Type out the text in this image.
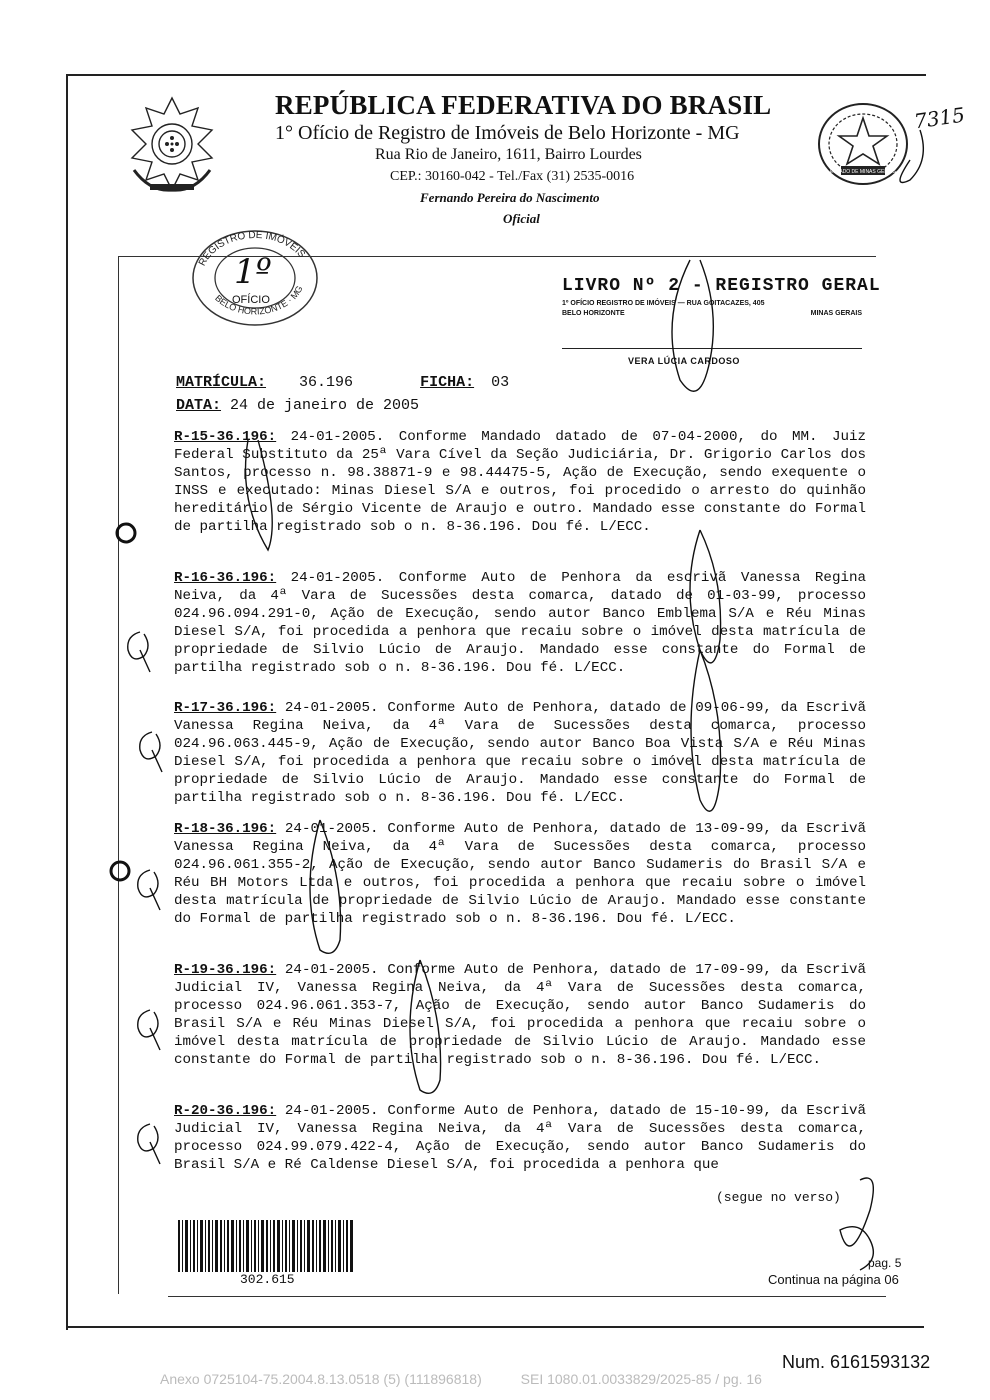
REPÚBLICA FEDERATIVA DO BRASIL
1° Ofício de Registro de Imóveis de Belo Horizonte - MG
Rua Rio de Janeiro, 1611, Bairro Lourdes
CEP.: 30160-042 - Tel./Fax (31) 2535-0016
Fernando Pereira do Nascimento
Oficial
ESTADO DE MINAS GERAIS
7315
REGISTRO DE IMÓVEIS
BELO HORIZONTE · MG
1º
OFÍCIO
LIVRO Nº 2 - REGISTRO GERAL
1º OFÍCIO REGISTRO DE IMÓVEIS — RUA GOITACAZES, 405
BELO HORIZONTE	MINAS GERAIS
VERA LÚCIA CARDOSO
MATRÍCULA: 36.196	FICHA: 03
DATA: 24 de janeiro de 2005
R-15-36.196: 24-01-2005. Conforme Mandado datado de 07-04-2000, do MM. Juiz Federal Substituto da 25ª Vara Cível da Seção Judiciária, Dr. Grigorio Carlos dos Santos, processo n. 98.38871-9 e 98.44475-5, Ação de Execução, sendo exequente o INSS e executado: Minas Diesel S/A e outros, foi procedido o arresto do quinhão hereditário de Sérgio Vicente de Araujo e outro. Mandado esse constante do Formal de partilha registrado sob o n. 8-36.196. Dou fé. L/ECC.
R-16-36.196: 24-01-2005. Conforme Auto de Penhora da escrivã Vanessa Regina Neiva, da 4ª Vara de Sucessões desta comarca, datado de 01-03-99, processo 024.96.094.291-0, Ação de Execução, sendo autor Banco Emblema S/A e Réu Minas Diesel S/A, foi procedida a penhora que recaiu sobre o imóvel desta matrícula de propriedade de Silvio Lúcio de Araujo. Mandado esse constante do Formal de partilha registrado sob o n. 8-36.196. Dou fé. L/ECC.
R-17-36.196: 24-01-2005. Conforme Auto de Penhora, datado de 09-06-99, da Escrivã Vanessa Regina Neiva, da 4ª Vara de Sucessões desta comarca, processo 024.96.063.445-9, Ação de Execução, sendo autor Banco Boa Vista S/A e Réu Minas Diesel S/A, foi procedida a penhora que recaiu sobre o imóvel desta matrícula de propriedade de Silvio Lúcio de Araujo. Mandado esse constante do Formal de partilha registrado sob o n. 8-36.196. Dou fé. L/ECC.
R-18-36.196: 24-01-2005. Conforme Auto de Penhora, datado de 13-09-99, da Escrivã Vanessa Regina Neiva, da 4ª Vara de Sucessões desta comarca, processo 024.96.061.355-2, Ação de Execução, sendo autor Banco Sudameris do Brasil S/A e Réu BH Motors Ltda e outros, foi procedida a penhora que recaiu sobre o imóvel desta matrícula de propriedade de Silvio Lúcio de Araujo. Mandado esse constante do Formal de partilha registrado sob o n. 8-36.196. Dou fé. L/ECC.
R-19-36.196: 24-01-2005. Conforme Auto de Penhora, datado de 17-09-99, da Escrivã Judicial IV, Vanessa Regina Neiva, da 4ª Vara de Sucessões desta comarca, processo 024.96.061.353-7, Ação de Execução, sendo autor Banco Sudameris do Brasil S/A e Réu Minas Diesel S/A, foi procedida a penhora que recaiu sobre o imóvel desta matrícula de propriedade de Silvio Lúcio de Araujo. Mandado esse constante do Formal de partilha registrado sob o n. 8-36.196. Dou fé. L/ECC.
R-20-36.196: 24-01-2005. Conforme Auto de Penhora, datado de 15-10-99, da Escrivã Judicial IV, Vanessa Regina Neiva, da 4ª Vara de Sucessões desta comarca, processo 024.99.079.422-4, Ação de Execução, sendo autor Banco Sudameris do Brasil S/A e Ré Caldense Diesel S/A, foi procedida a penhora que
(segue no verso)
302.615
pag. 5
Continua na página 06
Num. 6161593132
Anexo 0725104-75.2004.8.13.0518 (5) (111896818)          SEI 1080.01.0033829/2025-85 / pg. 16
